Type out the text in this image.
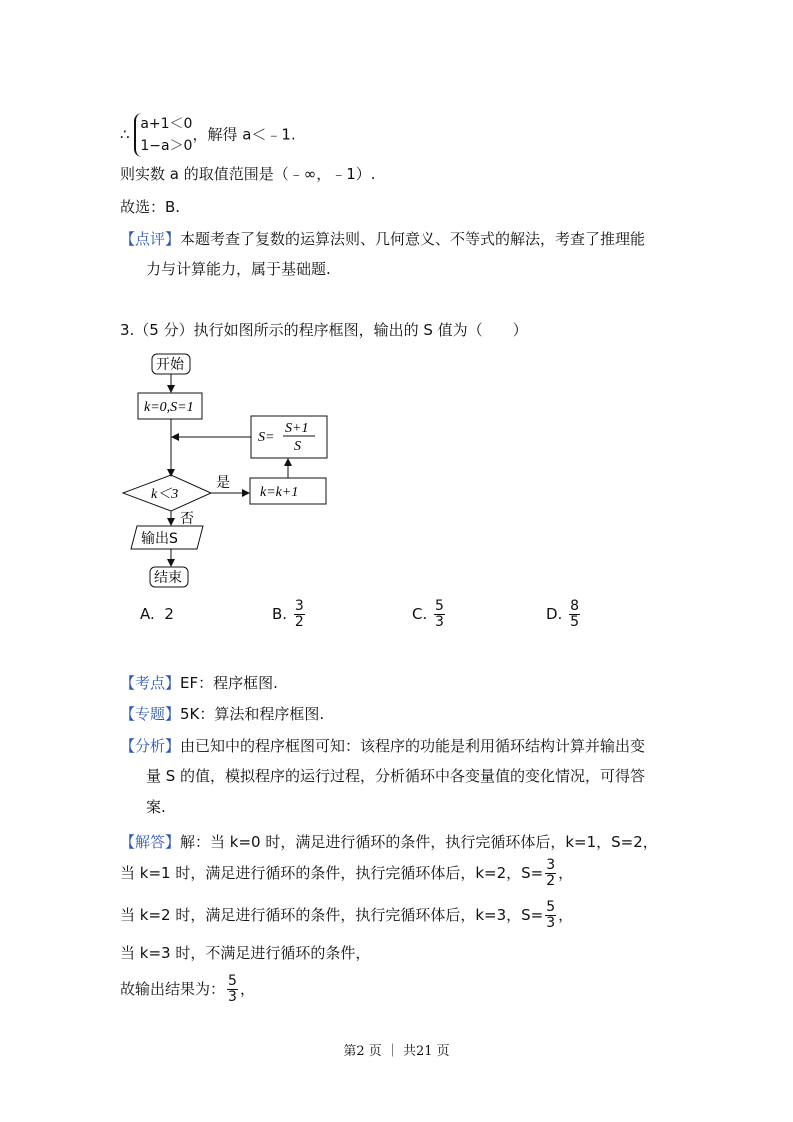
∴
a+1＜0
1−a＞0
，解得 a＜﹣1.
则实数 a 的取值范围是（﹣∞，﹣1）.
故选：B.
【点评】本题考查了复数的运算法则、几何意义、不等式的解法，考查了推理能
力与计算能力，属于基础题.
3.（5 分）执行如图所示的程序框图，输出的 S 值为（　　）
开始
k=0,S=1
S=
S+1
S
k＜3
是
否
k=k+1
输出S
结束
A. 2	B. $\frac{3}{2}$	C. $\frac{5}{3}$	D. $\frac{8}{5}$
【考点】EF：程序框图.
【专题】5K：算法和程序框图.
【分析】由已知中的程序框图可知：该程序的功能是利用循环结构计算并输出变
量 S 的值，模拟程序的运行过程，分析循环中各变量值的变化情况，可得答
案.
【解答】解：当 k=0 时，满足进行循环的条件，执行完循环体后，k=1，S=2，
当 k=1 时，满足进行循环的条件，执行完循环体后，k=2，$S= \frac{3}{2}$ ，
当 k=2 时，满足进行循环的条件，执行完循环体后，k=3，$S= \frac{5}{3}$ ，
当 k=3 时，不满足进行循环的条件，
故输出结果为： $\frac{5}{3}$ ，
第2 页 ｜ 共21 页
